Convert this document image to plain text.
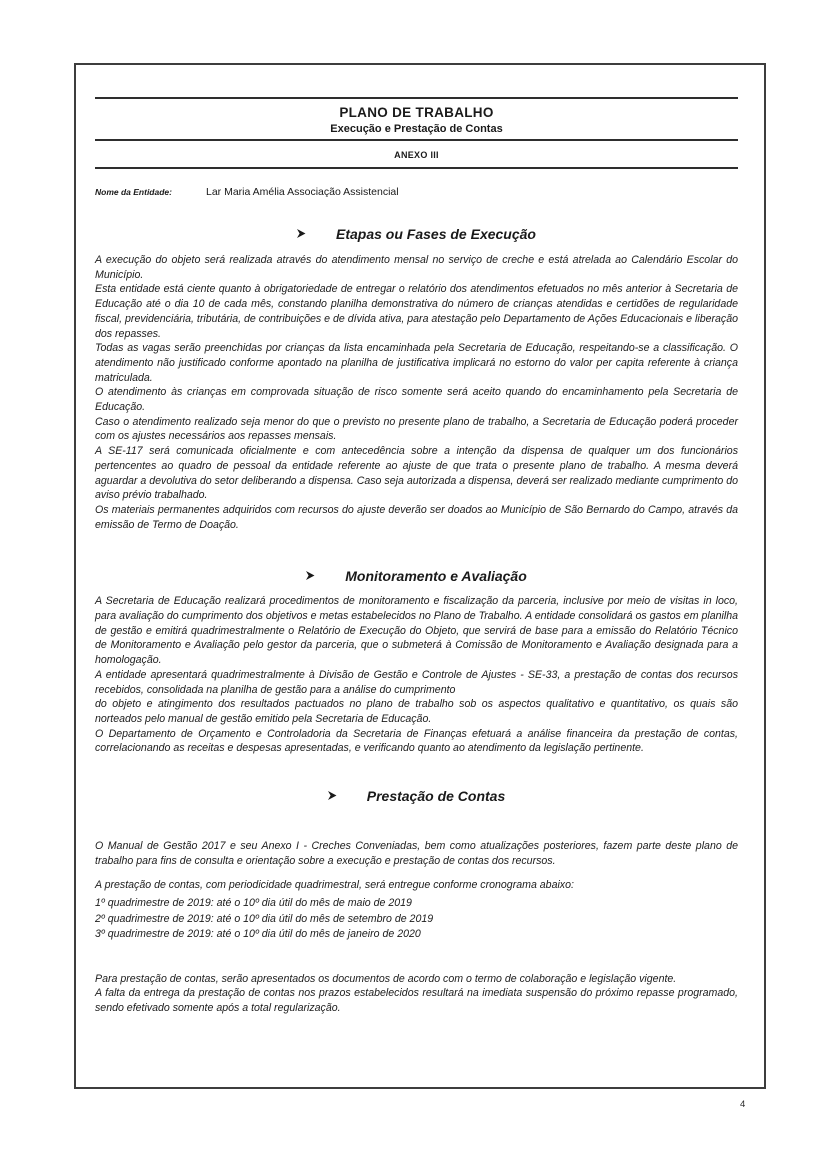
PLANO DE TRABALHO
Execução e Prestação de Contas
ANEXO III
Nome da Entidade:	Lar Maria Amélia Associação Assistencial
Etapas ou Fases de Execução

A execução do objeto será realizada através do atendimento mensal no serviço de creche e está atrelada ao Calendário Escolar do Município.

Esta entidade está ciente quanto à obrigatoriedade de entregar o relatório dos atendimentos efetuados no mês anterior à Secretaria de Educação até o dia 10 de cada mês, constando planilha demonstrativa do número de crianças atendidas e certidões de regularidade fiscal, previdenciária, tributária, de contribuições e de dívida ativa, para atestação pelo Departamento de Ações Educacionais e liberação dos repasses.

Todas as vagas serão preenchidas por crianças da lista encaminhada pela Secretaria de Educação, respeitando-se a classificação. O atendimento não justificado conforme apontado na planilha de justificativa implicará no estorno do valor per capita referente à criança matriculada.

O atendimento às crianças em comprovada situação de risco somente será aceito quando do encaminhamento pela Secretaria de Educação.

Caso o atendimento realizado seja menor do que o previsto no presente plano de trabalho, a Secretaria de Educação poderá proceder com os ajustes necessários aos repasses mensais.

A SE-117 será comunicada oficialmente e com antecedência sobre a intenção da dispensa de qualquer um dos funcionários pertencentes ao quadro de pessoal da entidade referente ao ajuste de que trata o presente plano de trabalho. A mesma deverá aguardar a devolutiva do setor deliberando a dispensa. Caso seja autorizada a dispensa, deverá ser realizado mediante cumprimento do aviso prévio trabalhado.

Os materiais permanentes adquiridos com recursos do ajuste deverão ser doados ao Município de São Bernardo do Campo, através da emissão de Termo de Doação.

Monitoramento e Avaliação

A Secretaria de Educação realizará procedimentos de monitoramento e fiscalização da parceria, inclusive por meio de visitas in loco, para avaliação do cumprimento dos objetivos e metas estabelecidos no Plano de Trabalho. A entidade consolidará os gastos em planilha de gestão e emitirá quadrimestralmente o Relatório de Execução do Objeto, que servirá de base para a emissão do Relatório Técnico de Monitoramento e Avaliação pelo gestor da parceria, que o submeterá à Comissão de Monitoramento e Avaliação designada para a homologação.

A entidade apresentará quadrimestralmente à Divisão de Gestão e Controle de Ajustes - SE-33, a prestação de contas dos recursos recebidos, consolidada na planilha de gestão para a análise do cumprimento

do objeto e atingimento dos resultados pactuados no plano de trabalho sob os aspectos qualitativo e quantitativo, os quais são norteados pelo manual de gestão emitido pela Secretaria de Educação.

O Departamento de Orçamento e Controladoria da Secretaria de Finanças efetuará a análise financeira da prestação de contas, correlacionando as receitas e despesas apresentadas, e verificando quanto ao atendimento da legislação pertinente.

Prestação de Contas

O Manual de Gestão 2017 e seu Anexo I - Creches Conveniadas, bem como atualizações posteriores, fazem parte deste plano de trabalho para fins de consulta e orientação sobre a execução e prestação de contas dos recursos.

A prestação de contas, com periodicidade quadrimestral, será entregue conforme cronograma abaixo:

1º quadrimestre de 2019: até o 10º dia útil do mês de maio de 2019

2º quadrimestre de 2019: até o 10º dia útil do mês de setembro de 2019

3º quadrimestre de 2019: até o 10º dia útil do mês de janeiro de 2020

Para prestação de contas, serão apresentados os documentos de acordo com o termo de colaboração e legislação vigente.

A falta da entrega da prestação de contas nos prazos estabelecidos resultará na imediata suspensão do próximo repasse programado, sendo efetivado somente após a total regularização.

4
